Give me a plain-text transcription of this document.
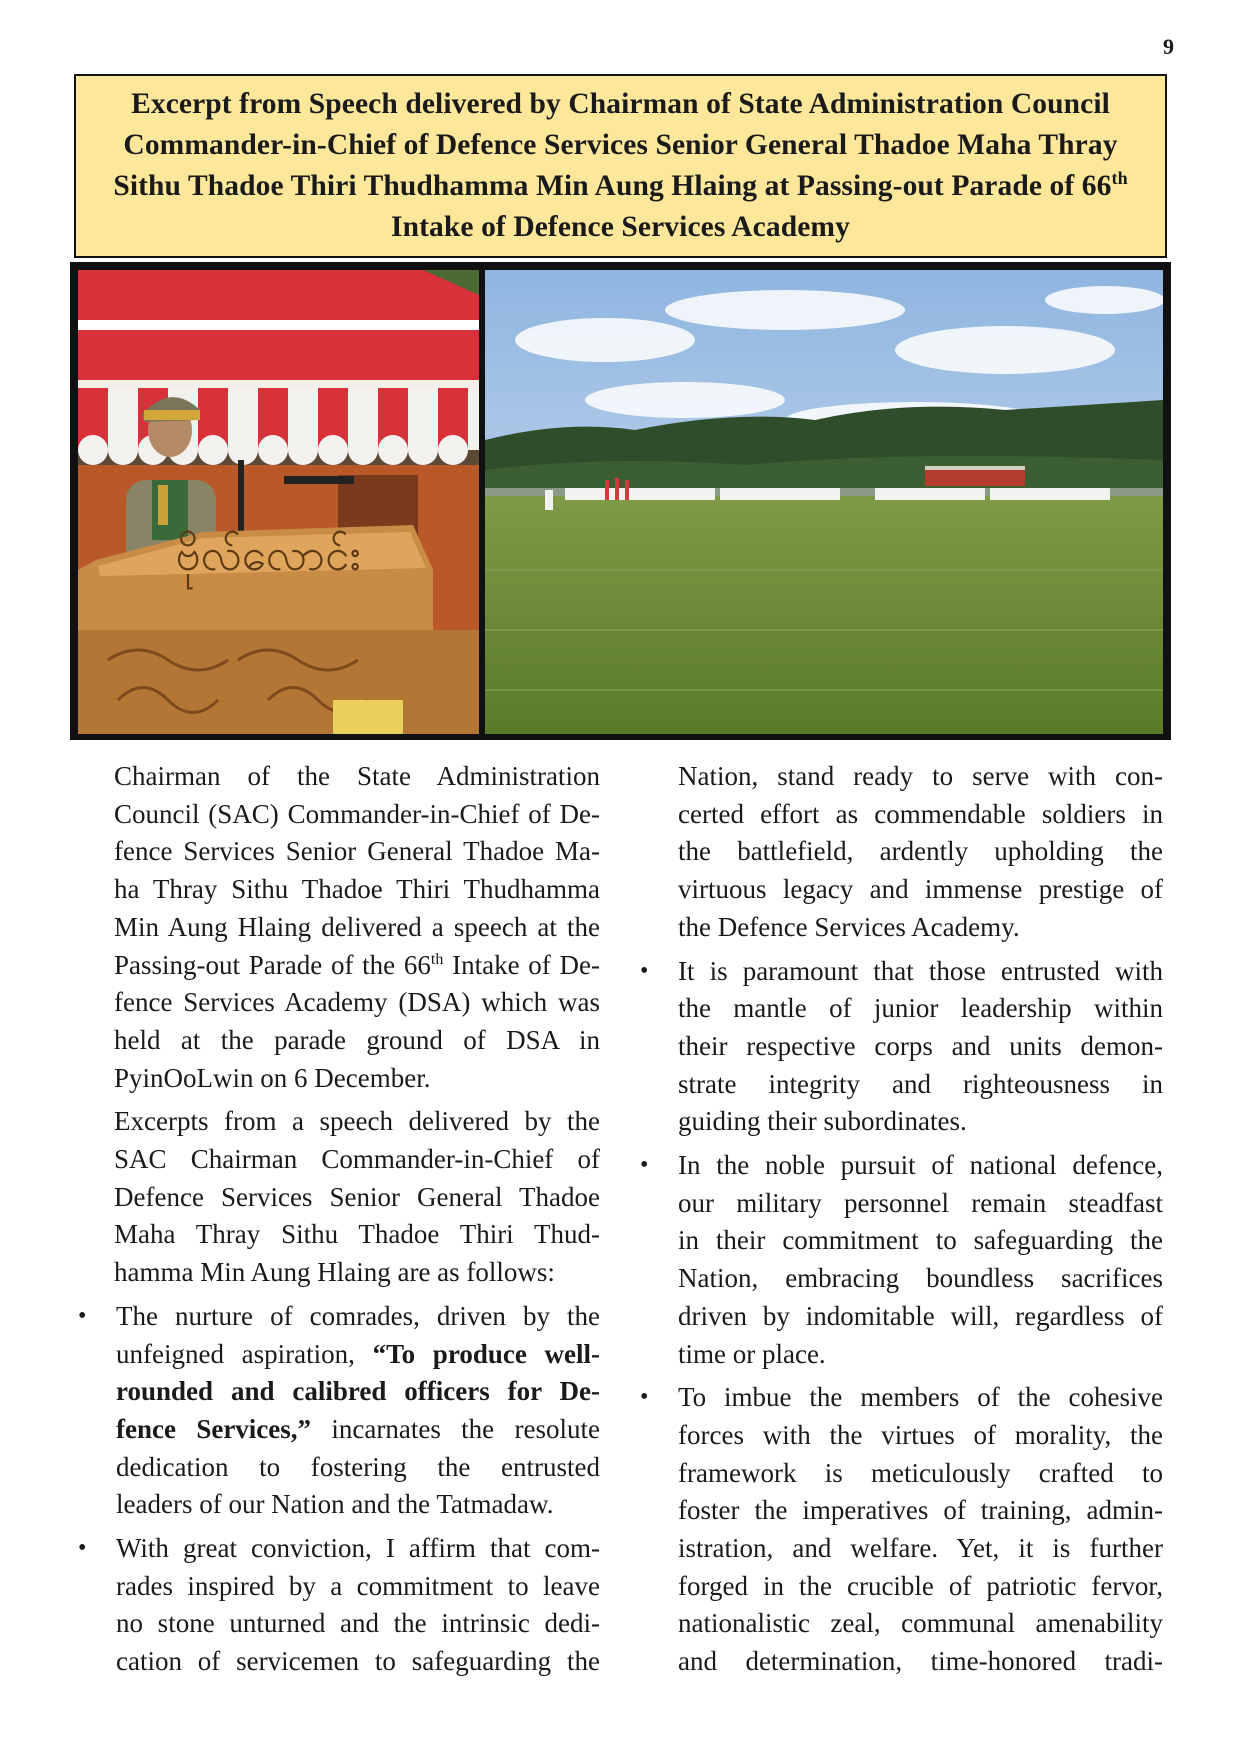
9
Excerpt from Speech delivered by Chairman of State Administration Council
Commander-in-Chief of Defence Services Senior General Thadoe Maha Thray
Sithu Thadoe Thiri Thudhamma Min Aung Hlaing at Passing-out Parade of 66th
Intake of Defence Services Academy
ဗိုလ်လောင်း

Chairman of the State Administration
Council (SAC) Commander-in-Chief of De-
fence Services Senior General Thadoe Ma-
ha Thray Sithu Thadoe Thiri Thudhamma
Min Aung Hlaing delivered a speech at the
Passing-out Parade of the 66th Intake of De-
fence Services Academy (DSA) which was
held at the parade ground of DSA in
PyinOoLwin on 6 December.

Excerpts from a speech delivered by the
SAC Chairman Commander-in-Chief of
Defence Services Senior General Thadoe
Maha Thray Sithu Thadoe Thiri Thud-
hamma Min Aung Hlaing are as follows:

• The nurture of comrades, driven by the
unfeigned aspiration, “To produce well-
rounded and calibred officers for De-
fence Services,” incarnates the resolute
dedication to fostering the entrusted
leaders of our Nation and the Tatmadaw.
• With great conviction, I affirm that com-
rades inspired by a commitment to leave
no stone unturned and the intrinsic dedi-
cation of servicemen to safeguarding the
Nation, stand ready to serve with con-
certed effort as commendable soldiers in
the battlefield, ardently upholding the
virtuous legacy and immense prestige of
the Defence Services Academy.
• It is paramount that those entrusted with
the mantle of junior leadership within
their respective corps and units demon-
strate integrity and righteousness in
guiding their subordinates.
• In the noble pursuit of national defence,
our military personnel remain steadfast
in their commitment to safeguarding the
Nation, embracing boundless sacrifices
driven by indomitable will, regardless of
time or place.
• To imbue the members of the cohesive
forces with the virtues of morality, the
framework is meticulously crafted to
foster the imperatives of training, admin-
istration, and welfare. Yet, it is further
forged in the crucible of patriotic fervor,
nationalistic zeal, communal amenability
and determination, time-honored tradi-
